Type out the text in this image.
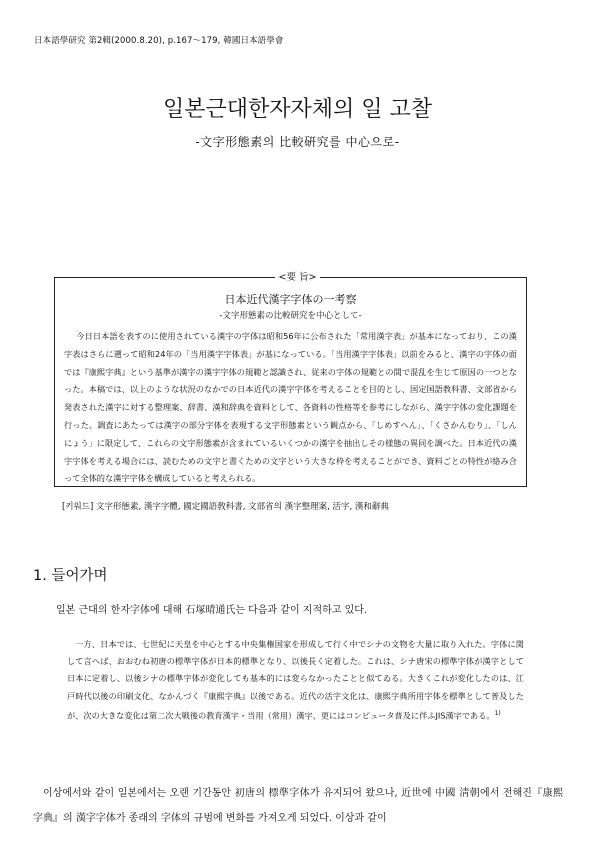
日本語學研究 第2輯(2000.8.20), p.167～179, 韓國日本語學會
일본근대한자자체의 일 고찰
-文字形態素의 比較硏究를 中心으로-
<要 旨>
日本近代漢字字体の一考察
-文字形態素の比較研究を中心として-
今日日本語を表すのに使用されている漢字の字体は昭和56年に公布された「常用漢字表」が基本になっており、この漢字表はさらに遡って昭和24年の「当用漢字字体表」が基になっている。「当用漢字字体表」以前をみると、漢字の字体の面では『康熙字典』という基準が漢字の漢字字体の規範と認識され、従来の字体の規範との間で混乱を生じて原因の一つとなった。本稿では、以上のような状況のなかでの日本近代の漢字字体を考えることを目的とし、国定国語教科書、文部省から発表された漢字に対する整理案、辞書、漢和辞典を資料として、各資料の性格等を参考にしながら、漢字字体の変化課題を行った。調査にあたっては漢字の部分字体を表現する文字形態素という観点から、「しめすへん」、「くさかんむり」、「しんにょう」に限定して、これらの文字形態素が含まれているいくつかの漢字を抽出しその様態の異同を調べた。日本近代の漢字字体を考える場合には、読むための文字と書くための文字という大きな枠を考えることができ、資料ごとの特性が絡み合って全体的な漢字字体を構成していると考えられる。
[키워드] 文字形態素, 漢字字體, 國定國語敎科書, 文部省의 漢字整理案, 活字, 漢和辭典
1. 들어가며
일본 근대의 한자字体에 대해 石塚晴通氏는 다음과 같이 지적하고 있다.
一方、日本では、七世紀に天皇を中心とする中央集権国家を形成して行く中でシナの文物を大量に取り入れた。字体に関して言へば、おおむね初唐の標準字体が日本的標準となり、以後長く定着した。これは、シナ唐宋の標準字体が漢字として日本に定着し、以後シナの標準字体が変化しても基本的には変らなかったことと似てゐる。大きくこれが変化したのは、江戸時代以後の印刷文化、なかんづく『康熙字典』以後である。近代の活字文化は、康熙字典所用字体を標準として普及したが、次の大きな変化は第二次大戦後の教育漢字・当用（常用）漢字、更にはコンピュータ普及に伴ふJIS漢字である。$^{1)}$
이상에서와 같이 일본에서는 오랜 기간동안 初唐의 標準字体가 유지되어 왔으나, 近世에 中國 淸朝에서 전해진『康熙字典』의 漢字字体가 종래의 字体의 규범에 변화를 가져오게 되었다. 이상과 같이
